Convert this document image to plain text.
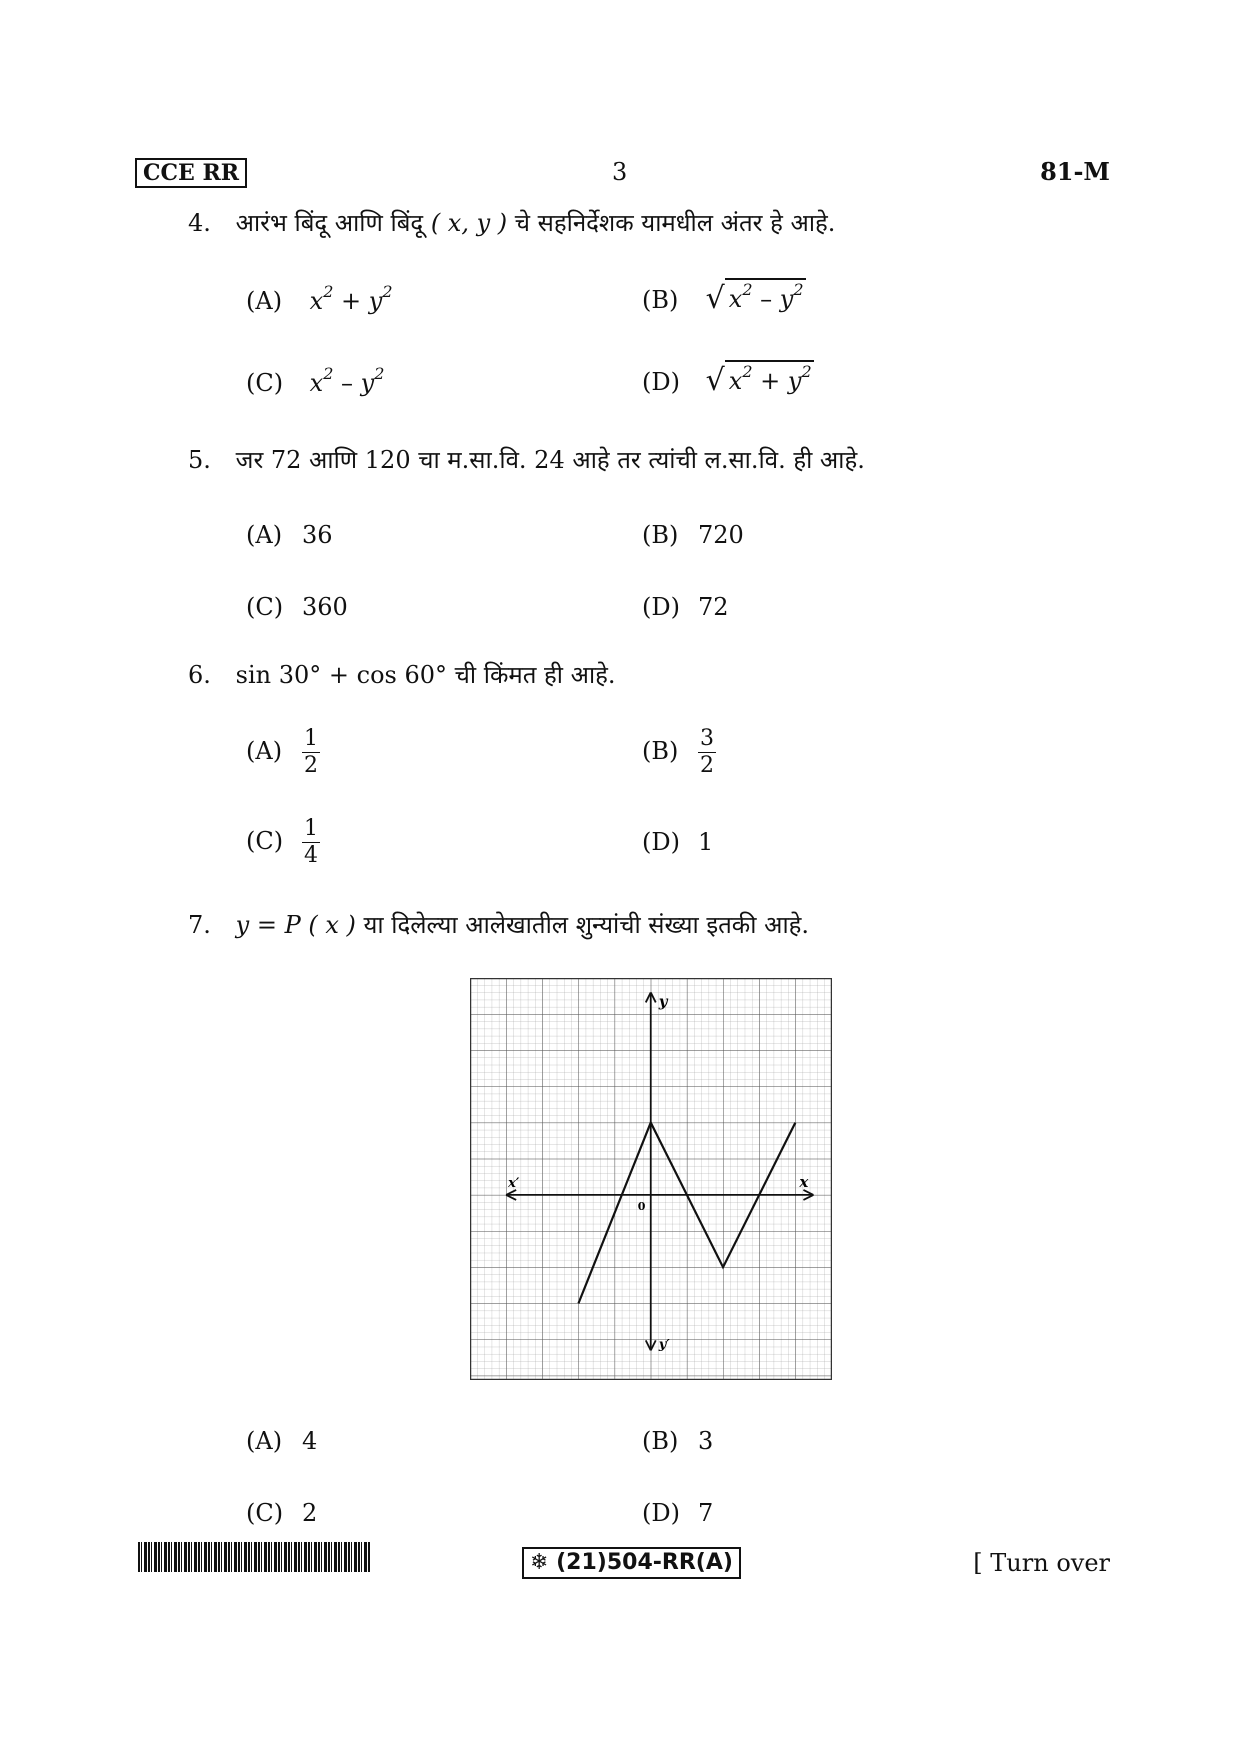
CCE RR	3	81-M
4. आरंभ बिंदू आणि बिंदू ( x, y ) चे सहनिर्देशक यामधील अंतर हे आहे.
(A) $x^2 + y^2$	(B) √ $x^2 - y^2$
(C) $x^2 - y^2$	(D) √ $x^2 + y^2$
5. जर 72 आणि 120 चा म.सा.वि. 24 आहे तर त्यांची ल.सा.वि. ही आहे.
(A) 36	(B) 720
(C) 360	(D) 72
6. sin 30° + cos 60° ची किंमत ही आहे.
$(A) \frac{1}{2}$	$(B) \frac{3}{2}$
$(C) \frac{1}{4}$	(D) 1
7. y = P ( x ) या दिलेल्या आलेखातील शुन्यांची संख्या इतकी आहे.
y
y′
x
x′
0
(A) 4	(B) 3
(C) 2	(D) 7
❄ (21)504-RR(A)	[ Turn over
